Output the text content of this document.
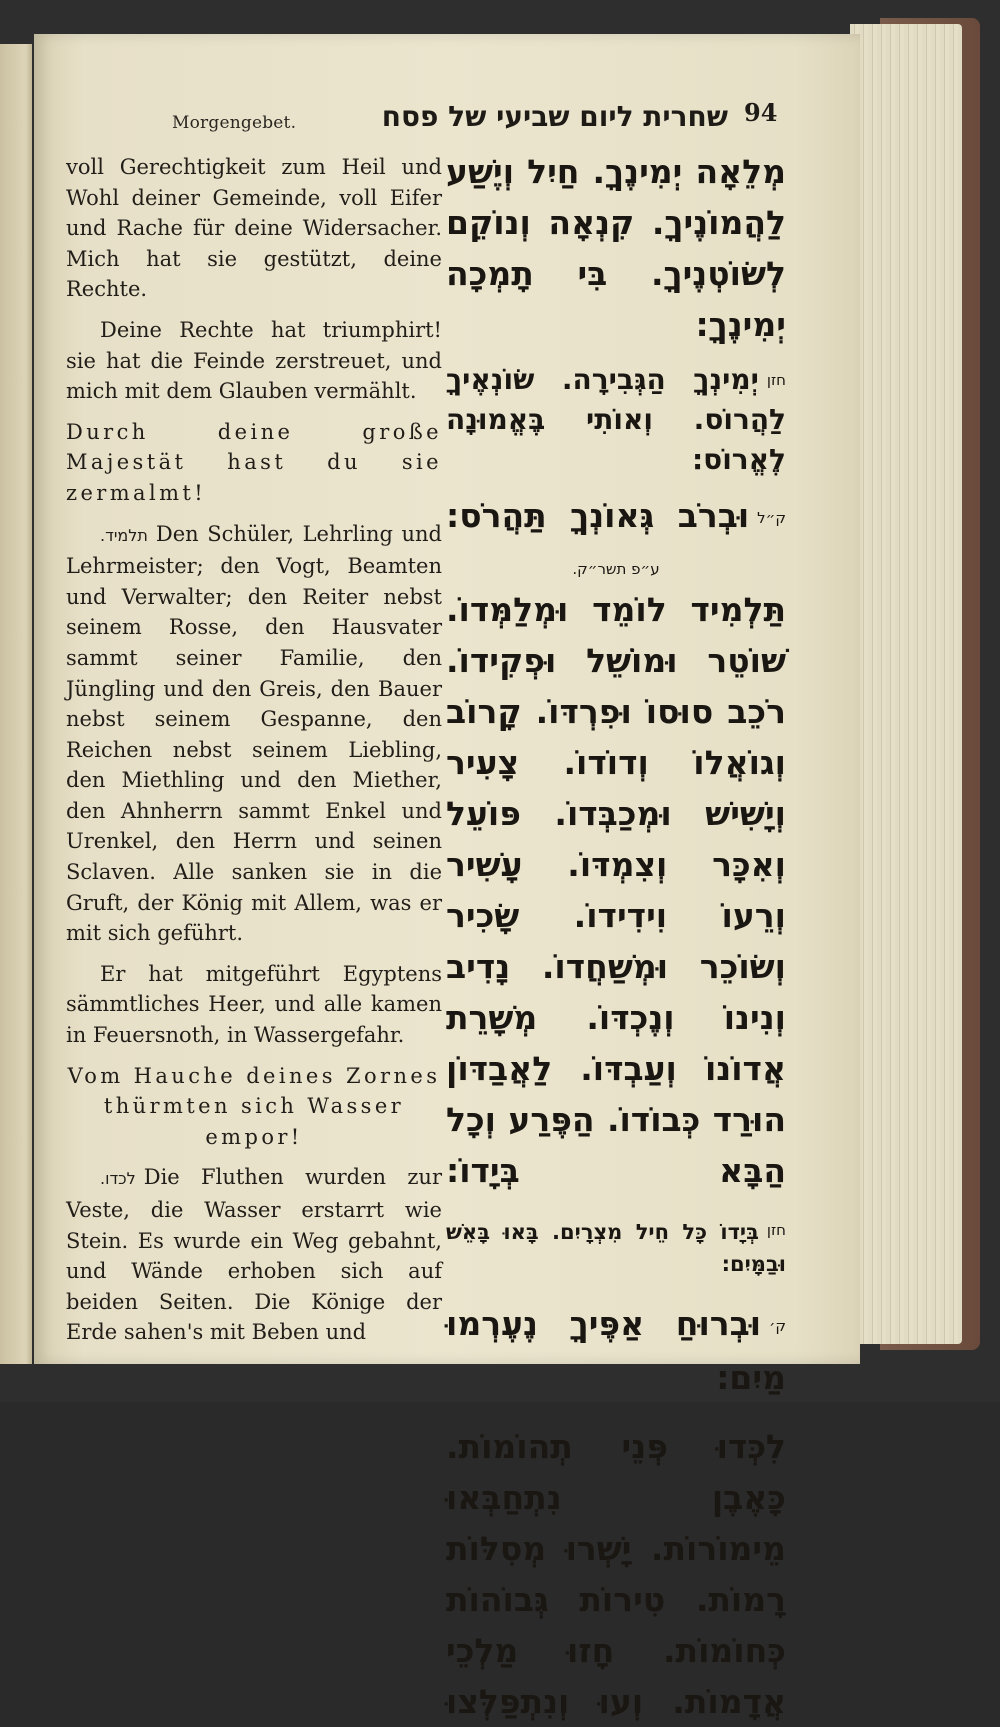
Morgengebet.	שחרית ליום שביעי של פסח 94

voll Gerechtigkeit zum Heil und Wohl deiner Gemeinde, voll Eifer und Rache für deine Widersacher. Mich hat sie gestützt, deine Rechte.

Deine Rechte hat triumphirt! sie hat die Feinde zerstreuet, und mich mit dem Glauben vermählt.

Durch deine große Majestät hast du sie zermalmt!

תלמיד. Den Schüler, Lehrling und Lehrmeister; den Vogt, Beamten und Verwalter; den Reiter nebst seinem Rosse, den Hausvater sammt seiner Familie, den Jüngling und den Greis, den Bauer nebst seinem Gespanne, den Reichen nebst seinem Liebling, den Miethling und den Miether, den Ahnherrn sammt Enkel und Urenkel, den Herrn und seinen Sclaven. Alle sanken sie in die Gruft, der König mit Allem, was er mit sich geführt.

Er hat mitgeführt Egyptens sämmtliches Heer, und alle kamen in Feuersnoth, in Wassergefahr.

Vom Hauche deines Zornes thürmten sich Wasser empor!

לכדו. Die Fluthen wurden zur Veste, die Wasser erstarrt wie Stein. Es wurde ein Weg gebahnt, und Wände erhoben sich auf beiden Seiten. Die Könige der Erde sahen's mit Beben und

מְלֵאָה יְמִינֶךָ. חַיִל וְיֶשַׁע לַהֲמוֹנֶיךָ. קִנְאָה וְנוֹקֵם לְשׂוֹטְנֶיךָ. בִּי תָמְכָה יְמִינֶךָ:

חזןיְמִינְךָ הַגְּבִירָה. שׂוֹנְאֶיךָ לַהֲרוֹס. וְאוֹתִי בֶּאֱמוּנָה לֶאֱרוֹס:

ק״לוּבְרֹב גְּאוֹנְךָ תַּהֲרֹס:

ע״פ תשר״ק.

תַּלְמִיד לוֹמֵד וּמְלַמְּדוֹ. שׁוֹטֵר וּמוֹשֵׁל וּפְקִידוֹ. רֹכֵב סוּסוֹ וּפִרְדּוֹ. קָרוֹב וְגוֹאֲלוֹ וְדוֹדוֹ. צָעִיר וְיָשִׁישׁ וּמְכַבְּדוֹ. פּוֹעֵל וְאִכָּר וְצִמְדּוֹ. עָשִׁיר וְרֵעוֹ וִידִידוֹ. שָׂכִיר וְשׂוֹכֵר וּמְשַׁחֲדוֹ. נָדִיב וְנִינוֹ וְנֶכְדּוֹ. מְשָׁרֵת אֲדוֹנוֹ וְעַבְדּוֹ. לַאֲבַדּוֹן הוּרַד כְּבוֹדוֹ. הַפֶּרַע וְכָל הַבָּא בְּיָדוֹ:

חזןבְּיָדוֹ כָּל חֵיל מִצְרָיִם. בָּאוּ בָּאֵשׁ וּבַמָּיִם:

ק׳וּבְרוּחַ אַפֶּיךָ נֶעֶרְמוּ מַיִם:

לִכְּדוּ פְּנֵי תְהוֹמוֹת. כָּאֶבֶן נִתְחַבְּאוּ מֵימוֹרוֹת. יָשְׁרוּ מְסִלּוֹת רָמוֹת. טִירוֹת גְּבוֹהוֹת כְּחוֹמוֹת. חָזוּ מַלְכֵי אֲדָמוֹת. וְעוּ וְנִתְפַּלְּצוּ
